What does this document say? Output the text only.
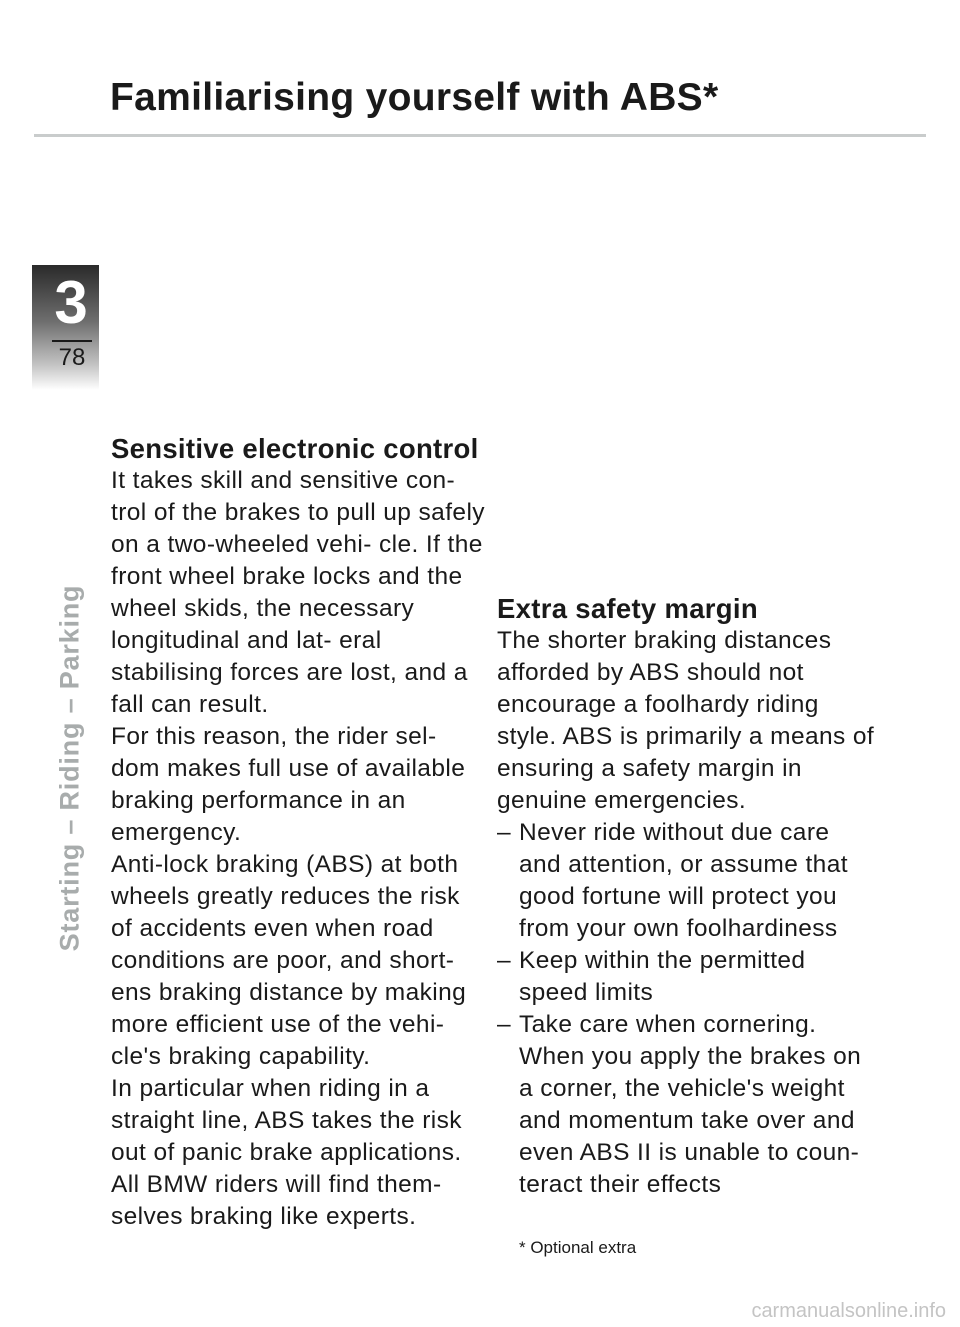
Familiarising yourself with ABS*
3
78
Starting – Riding – Parking
Sensitive electronic control

It takes skill and sensitive con- trol of the brakes to pull up safely on a two-wheeled vehi- cle. If the front wheel brake locks and the wheel skids, the necessary longitudinal and lat- eral stabilising forces are lost, and a fall can result.

For this reason, the rider sel- dom makes full use of available braking performance in an emergency.

Anti-lock braking (ABS) at both wheels greatly reduces the risk of accidents even when road conditions are poor, and short- ens braking distance by making more efficient use of the vehi- cle's braking capability.

In particular when riding in a straight line, ABS takes the risk out of panic brake applications. All BMW riders will find them- selves braking like experts.

Extra safety margin

The shorter braking distances afforded by ABS should not encourage a foolhardy riding style. ABS is primarily a means of ensuring a safety margin in genuine emergencies.

– Never ride without due care and attention, or assume that good fortune will protect you from your own foolhardiness
– Keep within the permitted speed limits
– Take care when cornering. When you apply the brakes on a corner, the vehicle's weight and momentum take over and even ABS II is unable to coun- teract their effects
* Optional extra
carmanualsonline.info
